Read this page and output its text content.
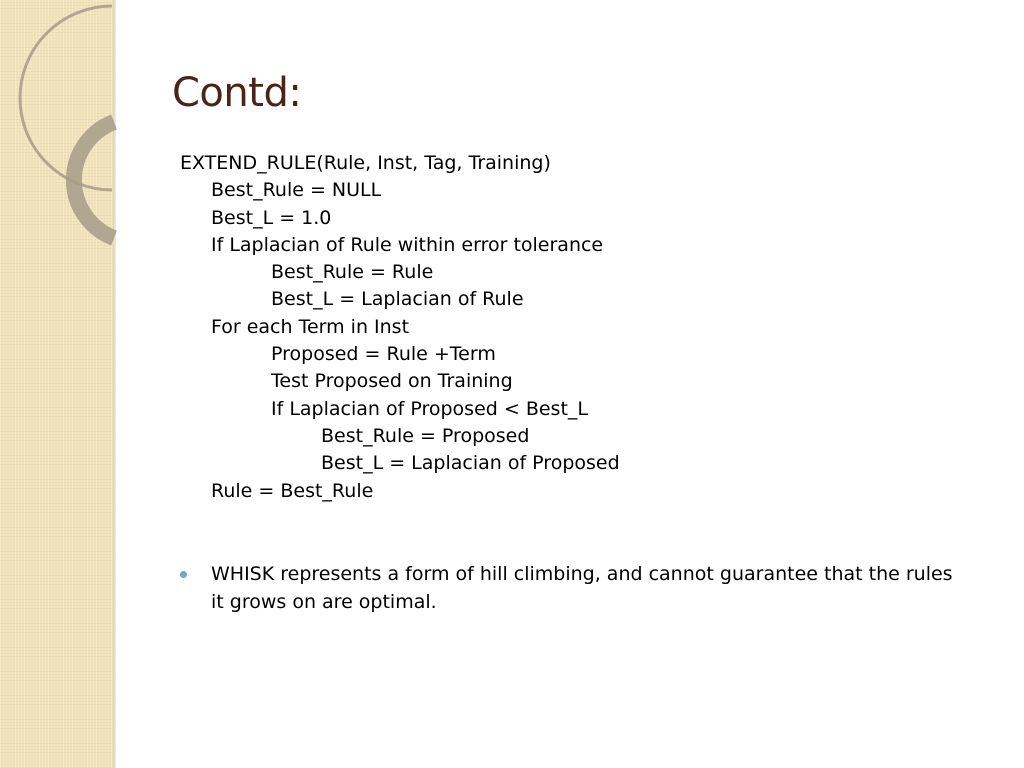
Contd:
EXTEND_RULE(Rule, Inst, Tag, Training)
Best_Rule = NULL
Best_L = 1.0
If Laplacian of Rule within error tolerance
Best_Rule = Rule
Best_L = Laplacian of Rule
For each Term in Inst
Proposed = Rule +Term
Test Proposed on Training
If Laplacian of Proposed < Best_L
Best_Rule = Proposed
Best_L = Laplacian of Proposed
Rule = Best_Rule
WHISK represents a form of hill climbing, and cannot guarantee that the rules it grows on are optimal.
